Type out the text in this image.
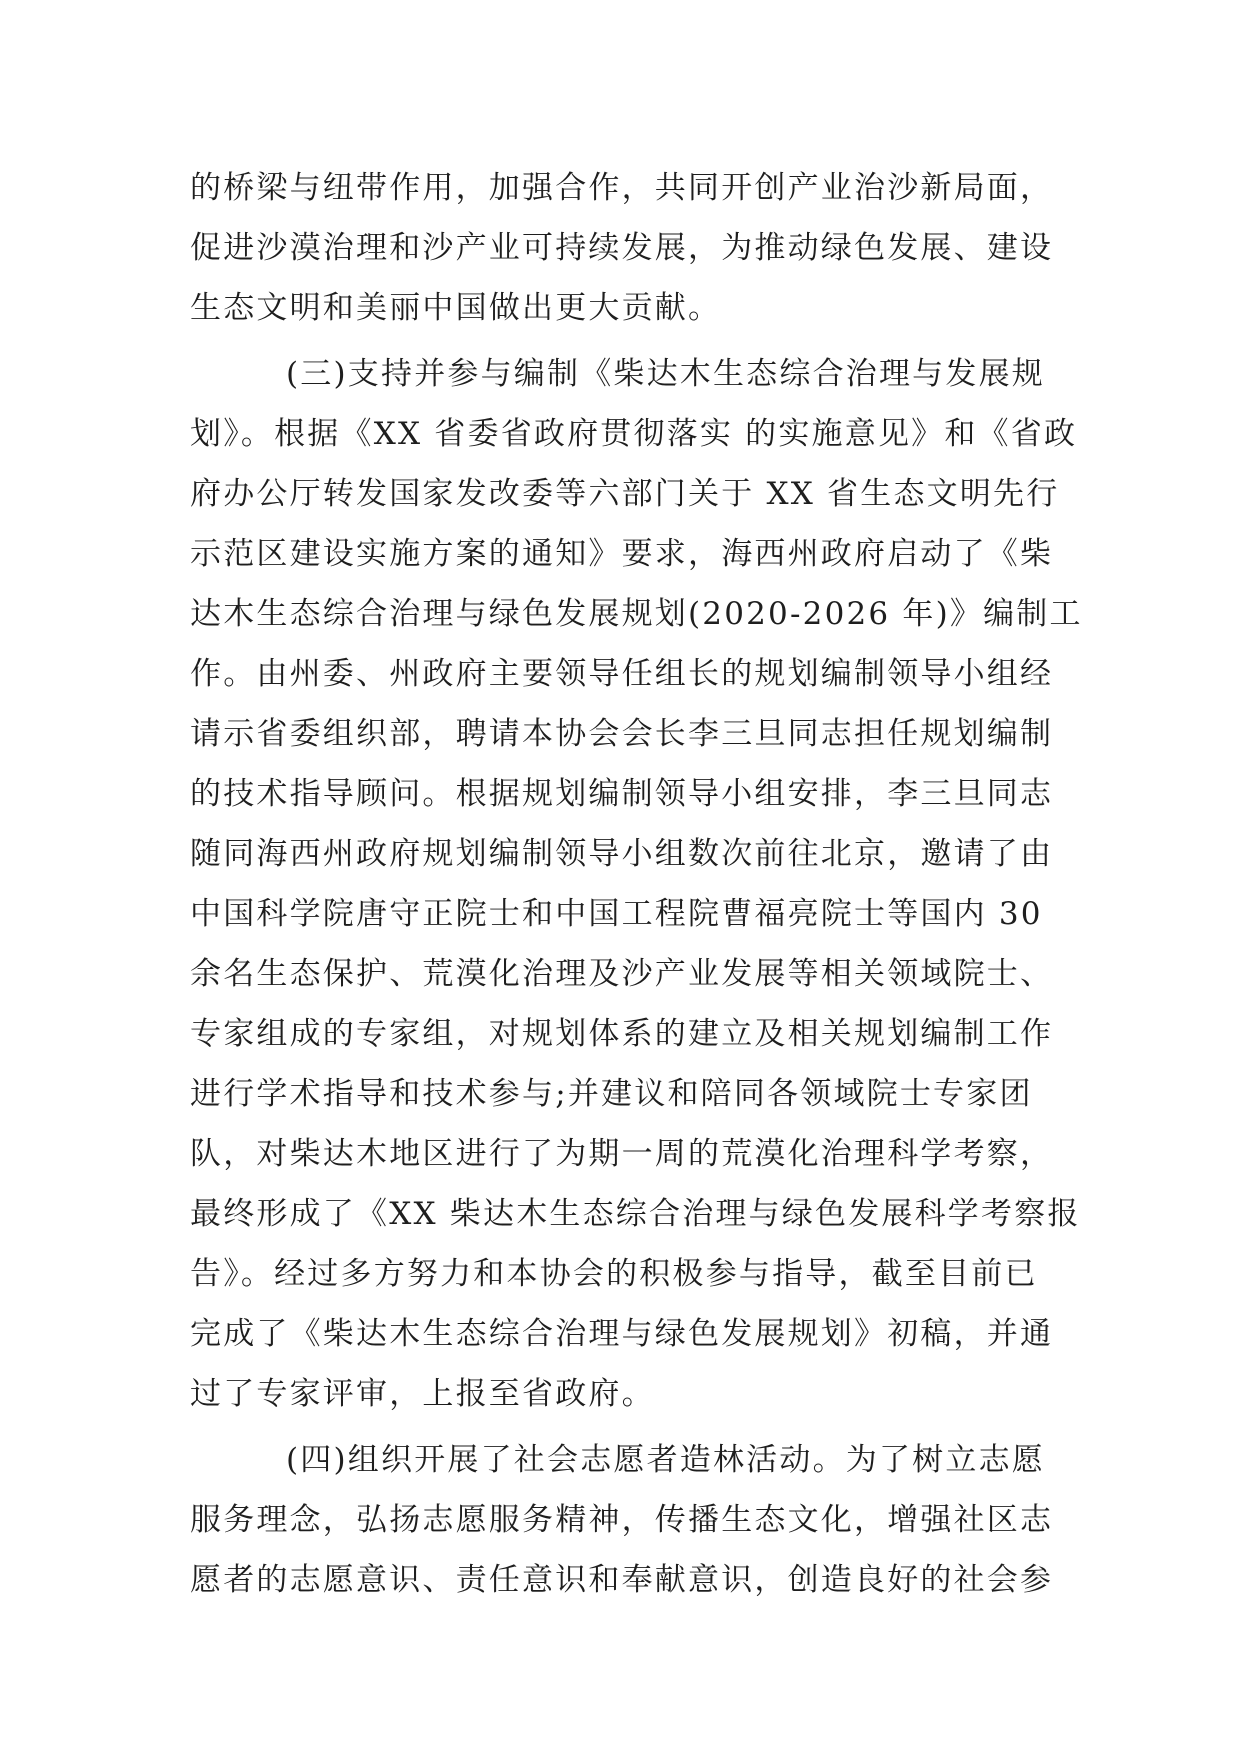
的桥梁与纽带作用，加强合作，共同开创产业治沙新局面，
促进沙漠治理和沙产业可持续发展，为推动绿色发展、建设
生态文明和美丽中国做出更大贡献。
(三)支持并参与编制《柴达木生态综合治理与发展规
划》。根据《XX 省委省政府贯彻落实 的实施意见》和《省政
府办公厅转发国家发改委等六部门关于 XX 省生态文明先行
示范区建设实施方案的通知》要求，海西州政府启动了《柴
达木生态综合治理与绿色发展规划(2020-2026 年)》编制工
作。由州委、州政府主要领导任组长的规划编制领导小组经
请示省委组织部，聘请本协会会长李三旦同志担任规划编制
的技术指导顾问。根据规划编制领导小组安排，李三旦同志
随同海西州政府规划编制领导小组数次前往北京，邀请了由
中国科学院唐守正院士和中国工程院曹福亮院士等国内 30
余名生态保护、荒漠化治理及沙产业发展等相关领域院士、
专家组成的专家组，对规划体系的建立及相关规划编制工作
进行学术指导和技术参与;并建议和陪同各领域院士专家团
队，对柴达木地区进行了为期一周的荒漠化治理科学考察，
最终形成了《XX 柴达木生态综合治理与绿色发展科学考察报
告》。经过多方努力和本协会的积极参与指导，截至目前已
完成了《柴达木生态综合治理与绿色发展规划》初稿，并通
过了专家评审，上报至省政府。
(四)组织开展了社会志愿者造林活动。为了树立志愿
服务理念，弘扬志愿服务精神，传播生态文化，增强社区志
愿者的志愿意识、责任意识和奉献意识，创造良好的社会参
